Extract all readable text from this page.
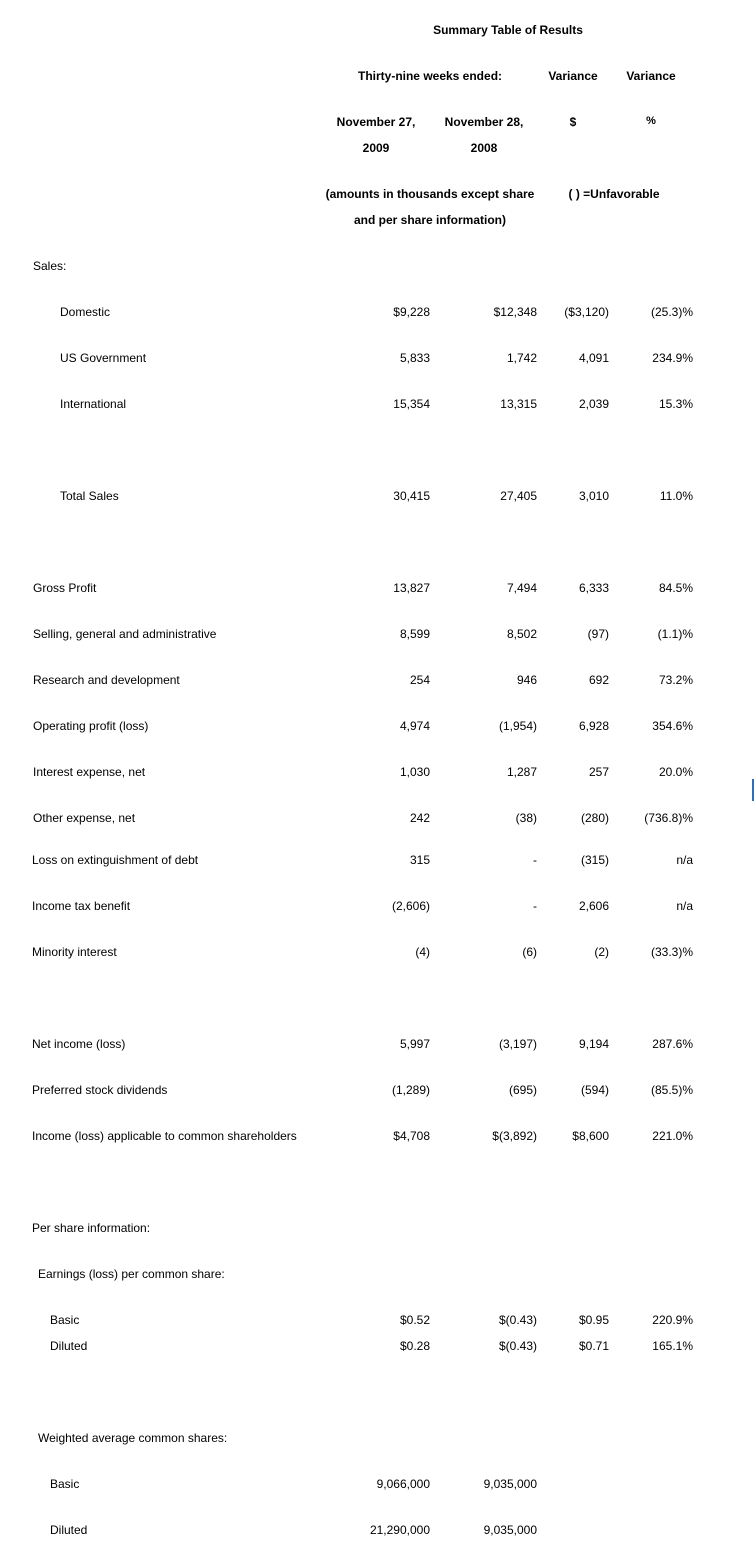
Summary Table of Results
Thirty-nine weeks ended:	Variance Variance
November 27, November 28,	$	%
2009	2008
(amounts in thousands except share	( ) =Unfavorable
and per share information)
Sales:
Domestic	$9,228	$12,348 ($3,120)	(25.3)%
US Government	5,833	1,742	4,091	234.9%
International	15,354	13,315	2,039	15.3%
Total Sales	30,415	27,405	3,010	11.0%
Gross Profit	13,827	7,494	6,333	84.5%
Selling, general and administrative	8,599	8,502	(97)	(1.1)%
Research and development	254	946	692	73.2%
Operating profit (loss)	4,974	(1,954)	6,928	354.6%
Interest expense, net	1,030	1,287	257	20.0%
Other expense, net	242	(38)	(280)	(736.8)%
Loss on extinguishment of debt	315	-	(315)	n/a
Income tax benefit	(2,606)	-	2,606	n/a
Minority interest	(4)	(6)	(2)	(33.3)%
Net income (loss)	5,997	(3,197)	9,194	287.6%
Preferred stock dividends	(1,289)	(695)	(594)	(85.5)%
Income (loss) applicable to common shareholders	$4,708	$(3,892)	$8,600	221.0%
Per share information:
Earnings (loss) per common share:
Basic	$0.52	$(0.43)	$0.95	220.9%
Diluted	$0.28	$(0.43)	$0.71	165.1%
Weighted average common shares:
Basic	9,066,000	9,035,000
Diluted	21,290,000	9,035,000
